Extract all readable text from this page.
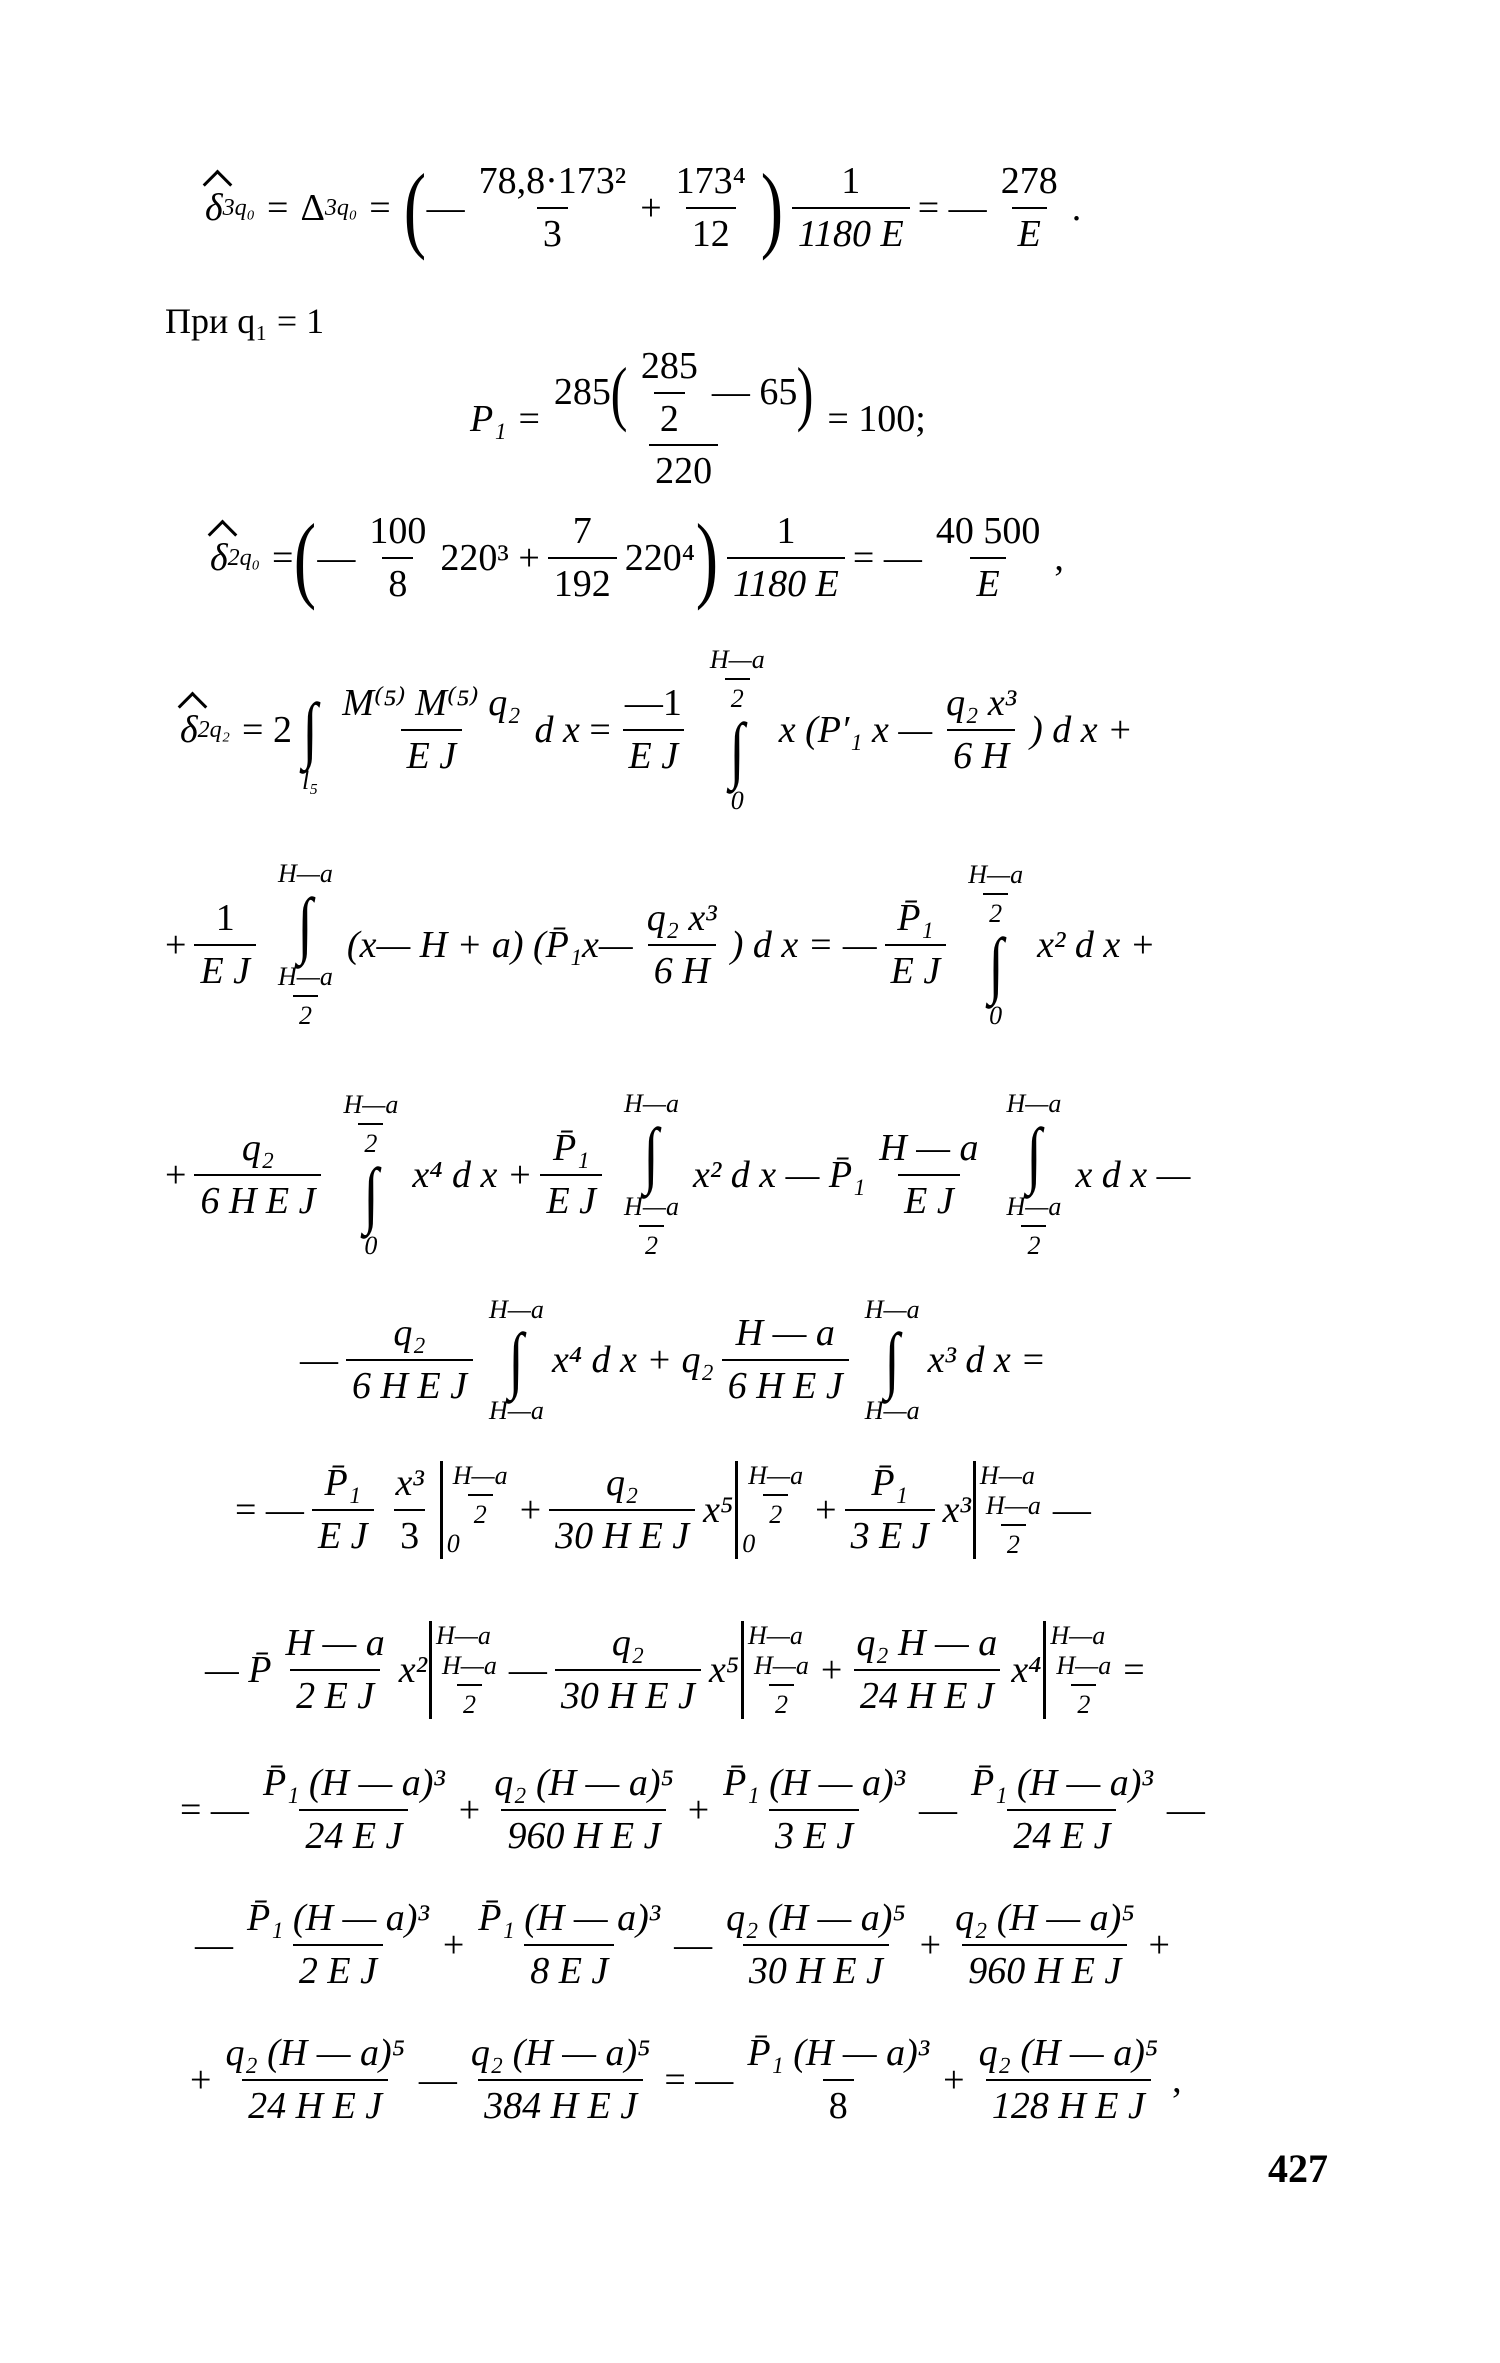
δ 3q₀ = Δ 3q₀ = ( — $\frac{\text{78,8·173²}}{3} + \frac{\text{173⁴}}{12}$ ) $\frac{1}{1180 E}$ = — $\frac{278}{E}$ .
При q₁ = 1
$P_1 = \frac{285 ( \frac{285}{2} — 65 )}{220} = 100$;
δ 2q₀ = ( — $\frac{100}{8} 220^3 + \frac{7}{192} 220^4$ ) $\frac{1}{1180 E}$ = — $\frac{40 500}{E}$ ,
δ 2q₂ = 2
∫
l₅
$\frac{\text{M⁽⁵⁾ M⁽⁵⁾ q₂}}{\text{E J}}$ d $x = \frac{—1}{\text{E J}}$
$\frac{H—a}{2}$
∫
0
x (P′₁ x — $\frac{\text{q₂ x³}}{6 H}$ ) d x +
+ $\frac{1}{\text{E J}}$
H—a
∫
$\frac{H—a}{2}$
(x— H + a) (P̄₁x— $\frac{\text{q₂ x³}}{6 H}$ ) d x = — $\frac{\text{P̄₁}}{\text{E J}}$
$\frac{H—a}{2}$
∫
0
x² d x +
+ $\frac{\text{q₂}}{\text{6 H E J}}$
$\frac{H—a}{2}$
∫
0
x⁴ d $x + \frac{\text{P̄₁}}{\text{E J}}$
H—a
∫
$\frac{H—a}{2}$
x² d x — P̄₁ $\frac{H — a}{\text{E J}}$
H—a
∫
$\frac{H—a}{2}$
x d x —
— $\frac{\text{q₂}}{\text{6 H E J}}$
H—a
∫
H—a
x⁴ d $x + q_2 \frac{H — a}{\text{6 H E J}}$
H—a
∫
H—a
x³ d x =
= — $\frac{\text{P̄₁}}{\text{E J}} \frac{\text{x³}}{3} \frac{H—a}{2}$
0
+ $\frac{\text{q₂}}{\text{30 H E J}} x^5 \frac{H—a}{2}$
0
+ $\frac{\text{P̄₁}}{\text{3 E J}} x^3$
H—a
$\frac{H—a}{2}$ —
— P̄ $\frac{H — a}{\text{2 E J}} x^2$
H—a
$\frac{H—a}{2}$ — $\frac{\text{q₂}}{\text{30 H E J}} x^5$
H—a
$\frac{H—a}{2} + \frac{\text{q₂ H — a}}{\text{24 H E J}} x^4$
H—a
$\frac{H—a}{2}$ =
= — $\frac{\text{P̄₁ (H — a)³}}{\text{24 E J}} + \frac{\text{q₂ (H — a)⁵}}{\text{960 H E J}} + \frac{\text{P̄₁ (H — a)³}}{\text{3 E J}}$ — $\frac{\text{P̄₁ (H — a)³}}{\text{24 E J}}$ —
— $\frac{\text{P̄₁ (H — a)³}}{\text{2 E J}} + \frac{\text{P̄₁ (H — a)³}}{\text{8 E J}}$ — $\frac{\text{q₂ (H — a)⁵}}{\text{30 H E J}} + \frac{\text{q₂ (H — a)⁵}}{\text{960 H E J}}$ +
+ $\frac{\text{q₂ (H — a)⁵}}{\text{24 H E J}}$ — $\frac{\text{q₂ (H — a)⁵}}{\text{384 H E J}}$ = — $\frac{\text{P̄₁ (H — a)³}}{8} + \frac{\text{q₂ (H — a)⁵}}{\text{128 H E J}}$ ,
427
